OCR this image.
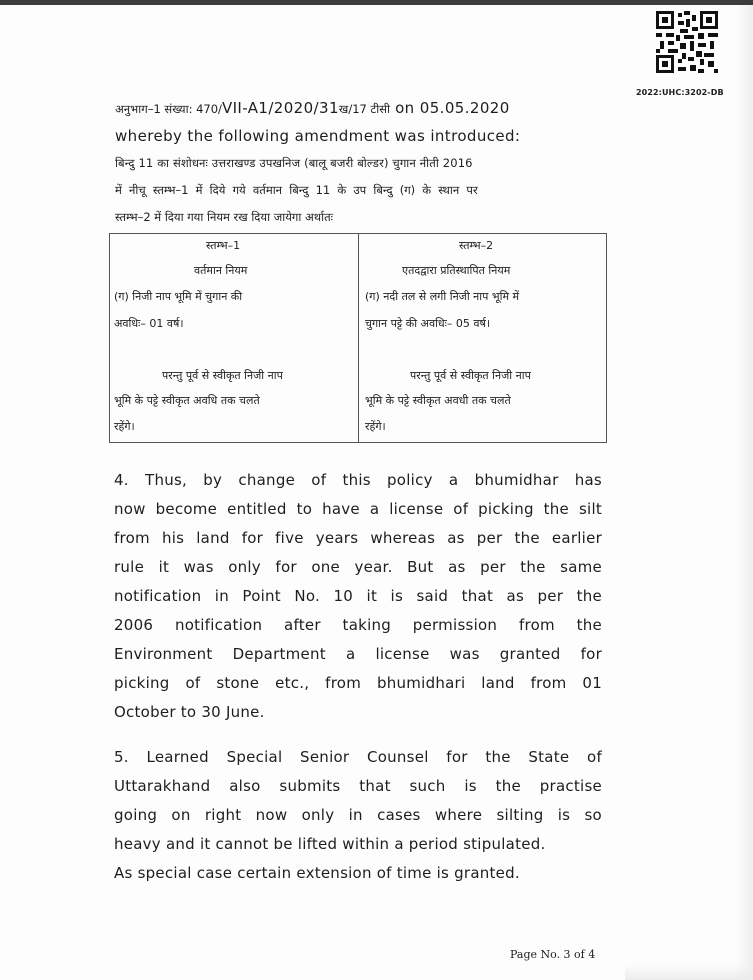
2022:UHC:3202-DB
अनुभाग–1 संख्या: 470/VII-A1/2020/31ख/17 टीसी on 05.05.2020
whereby the following amendment was introduced:
बिन्दु 11 का संशोधनः उत्तराखण्ड उपखनिज (बालू बजरी बोल्डर) चुगान नीती 2016
में नीचू स्तम्भ–1 में दिये गये वर्तमान बिन्दु 11 के उप बिन्दु (ग) के स्थान पर
स्तम्भ–2 में दिया गया नियम रख दिया जायेगा अर्थातः
स्तम्भ–1
वर्तमान नियम
(ग) निजी नाप भूमि में चुगान की
अवधिः– 01 वर्ष।
परन्तु पूर्व से स्वीकृत निजी नाप
भूमि के पट्टे स्वीकृत अवधि तक चलते
रहेंगे।
स्तम्भ–2
एतदद्वारा प्रतिस्थापित नियम
(ग) नदी तल से लगी निजी नाप भूमि में
चुगान पट्टे की अवधिः– 05 वर्ष।
परन्तु पूर्व से स्वीकृत निजी नाप
भूमि के पट्टे स्वीकृत अवधी तक चलते
रहेंगे।
4. Thus, by change of this policy a bhumidhar has
now become entitled to have a license of picking the silt
from his land for five years whereas as per the earlier
rule it was only for one year. But as per the same
notification in Point No. 10 it is said that as per the
2006 notification after taking permission from the
Environment Department a license was granted for
picking of stone etc., from bhumidhari land from 01
October to 30 June.
5. Learned Special Senior Counsel for the State of
Uttarakhand also submits that such is the practise
going on right now only in cases where silting is so
heavy and it cannot be lifted within a period stipulated.
As special case certain extension of time is granted.
Page No. 3 of 4
